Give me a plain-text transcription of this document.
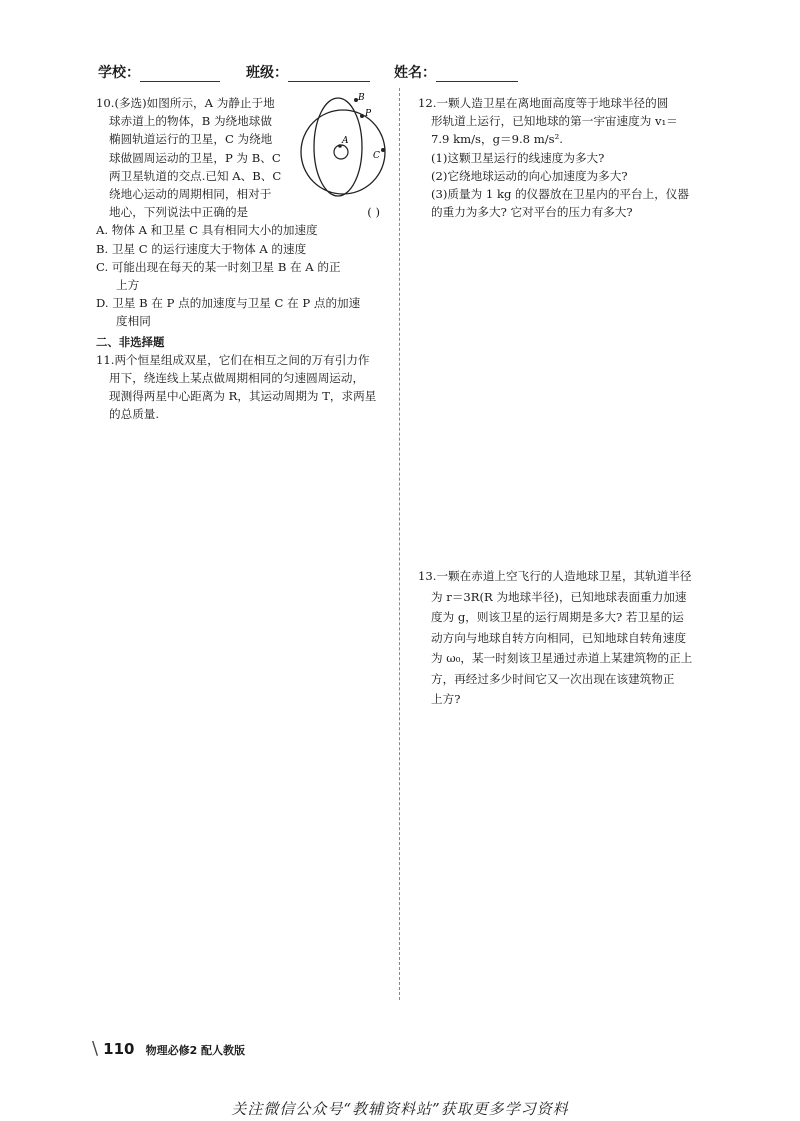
学校：	班级：	姓名：

10.(多选)如图所示，A 为静止于地

球赤道上的物体，B 为绕地球做

椭圆轨道运行的卫星，C 为绕地

球做圆周运动的卫星，P 为 B、C

两卫星轨道的交点.已知 A、B、C

绕地心运动的周期相同，相对于

地心，下列说法中正确的是	( )
A
B
P
C

A. 物体 A 和卫星 C 具有相同大小的加速度

B. 卫星 C 的运行速度大于物体 A 的速度

C. 可能出现在每天的某一时刻卫星 B 在 A 的正

上方

D. 卫星 B 在 P 点的加速度与卫星 C 在 P 点的加速

度相同

二、非选择题

11.两个恒星组成双星，它们在相互之间的万有引力作

用下，绕连线上某点做周期相同的匀速圆周运动，

现测得两星中心距离为 R，其运动周期为 T，求两星

的总质量.

12.一颗人造卫星在离地面高度等于地球半径的圆

形轨道上运行，已知地球的第一宇宙速度为 v₁＝

7.9 km/s，g＝9.8 m/s².

(1)这颗卫星运行的线速度为多大?

(2)它绕地球运动的向心加速度为多大?

(3)质量为 1 kg 的仪器放在卫星内的平台上，仪器

的重力为多大? 它对平台的压力有多大?

13.一颗在赤道上空飞行的人造地球卫星，其轨道半径

为 r＝3R(R 为地球半径)，已知地球表面重力加速

度为 g，则该卫星的运行周期是多大? 若卫星的运

动方向与地球自转方向相同，已知地球自转角速度

为 ω₀，某一时刻该卫星通过赤道上某建筑物的正上

方，再经过多少时间它又一次出现在该建筑物正

上方?

\ 110 物理必修2 配人教版
关注微信公众号“教辅资料站”获取更多学习资料
